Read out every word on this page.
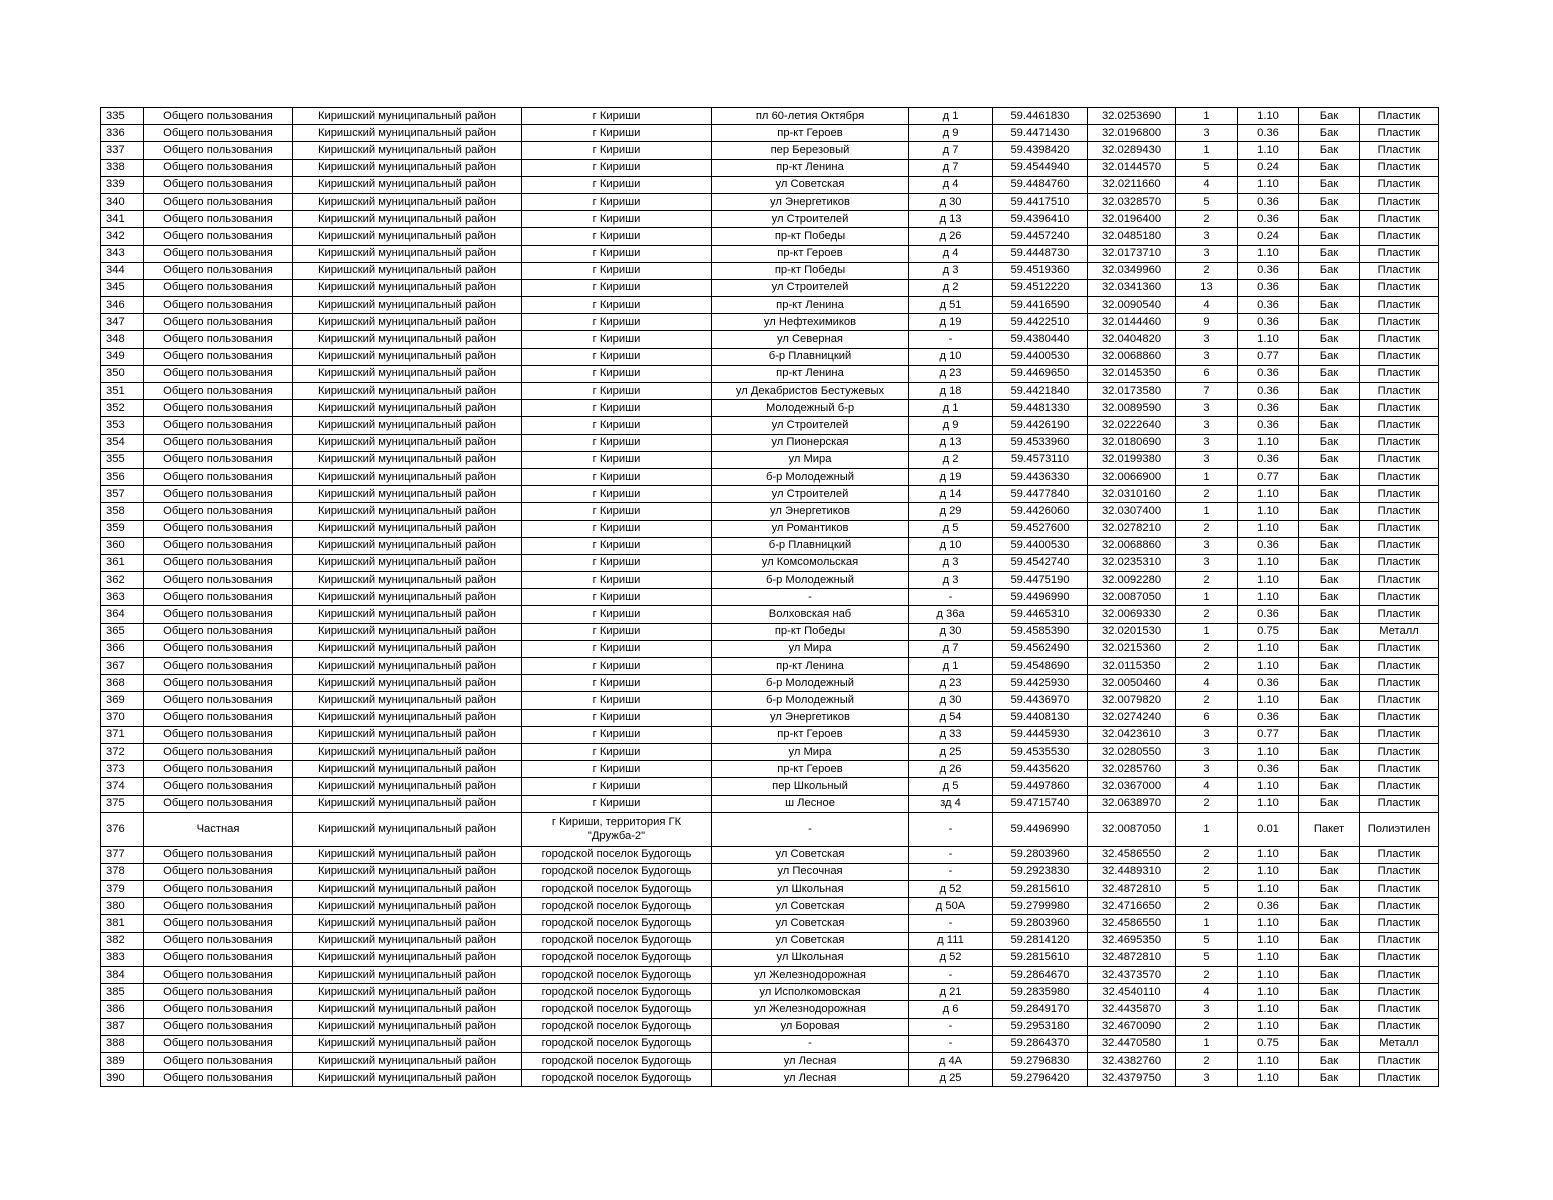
335	Общего пользования	Киришский муниципальный район	г Кириши	пл 60-летия Октября	д 1	59.4461830	32.0253690	1	1.10	Бак	Пластик
336	Общего пользования	Киришский муниципальный район	г Кириши	пр-кт Героев	д 9	59.4471430	32.0196800	3	0.36	Бак	Пластик
337	Общего пользования	Киришский муниципальный район	г Кириши	пер Березовый	д 7	59.4398420	32.0289430	1	1.10	Бак	Пластик
338	Общего пользования	Киришский муниципальный район	г Кириши	пр-кт Ленина	д 7	59.4544940	32.0144570	5	0.24	Бак	Пластик
339	Общего пользования	Киришский муниципальный район	г Кириши	ул Советская	д 4	59.4484760	32.0211660	4	1.10	Бак	Пластик
340	Общего пользования	Киришский муниципальный район	г Кириши	ул Энергетиков	д 30	59.4417510	32.0328570	5	0.36	Бак	Пластик
341	Общего пользования	Киришский муниципальный район	г Кириши	ул Строителей	д 13	59.4396410	32.0196400	2	0.36	Бак	Пластик
342	Общего пользования	Киришский муниципальный район	г Кириши	пр-кт Победы	д 26	59.4457240	32.0485180	3	0.24	Бак	Пластик
343	Общего пользования	Киришский муниципальный район	г Кириши	пр-кт Героев	д 4	59.4448730	32.0173710	3	1.10	Бак	Пластик
344	Общего пользования	Киришский муниципальный район	г Кириши	пр-кт Победы	д 3	59.4519360	32.0349960	2	0.36	Бак	Пластик
345	Общего пользования	Киришский муниципальный район	г Кириши	ул Строителей	д 2	59.4512220	32.0341360	13	0.36	Бак	Пластик
346	Общего пользования	Киришский муниципальный район	г Кириши	пр-кт Ленина	д 51	59.4416590	32.0090540	4	0.36	Бак	Пластик
347	Общего пользования	Киришский муниципальный район	г Кириши	ул Нефтехимиков	д 19	59.4422510	32.0144460	9	0.36	Бак	Пластик
348	Общего пользования	Киришский муниципальный район	г Кириши	ул Северная	-	59.4380440	32.0404820	3	1.10	Бак	Пластик
349	Общего пользования	Киришский муниципальный район	г Кириши	б-р Плавницкий	д 10	59.4400530	32.0068860	3	0.77	Бак	Пластик
350	Общего пользования	Киришский муниципальный район	г Кириши	пр-кт Ленина	д 23	59.4469650	32.0145350	6	0.36	Бак	Пластик
351	Общего пользования	Киришский муниципальный район	г Кириши	ул Декабристов Бестужевых	д 18	59.4421840	32.0173580	7	0.36	Бак	Пластик
352	Общего пользования	Киришский муниципальный район	г Кириши	Молодежный б-р	д 1	59.4481330	32.0089590	3	0.36	Бак	Пластик
353	Общего пользования	Киришский муниципальный район	г Кириши	ул Строителей	д 9	59.4426190	32.0222640	3	0.36	Бак	Пластик
354	Общего пользования	Киришский муниципальный район	г Кириши	ул Пионерская	д 13	59.4533960	32.0180690	3	1.10	Бак	Пластик
355	Общего пользования	Киришский муниципальный район	г Кириши	ул Мира	д 2	59.4573110	32.0199380	3	0.36	Бак	Пластик
356	Общего пользования	Киришский муниципальный район	г Кириши	б-р Молодежный	д 19	59.4436330	32.0066900	1	0.77	Бак	Пластик
357	Общего пользования	Киришский муниципальный район	г Кириши	ул Строителей	д 14	59.4477840	32.0310160	2	1.10	Бак	Пластик
358	Общего пользования	Киришский муниципальный район	г Кириши	ул Энергетиков	д 29	59.4426060	32.0307400	1	1.10	Бак	Пластик
359	Общего пользования	Киришский муниципальный район	г Кириши	ул Романтиков	д 5	59.4527600	32.0278210	2	1.10	Бак	Пластик
360	Общего пользования	Киришский муниципальный район	г Кириши	б-р Плавницкий	д 10	59.4400530	32.0068860	3	0.36	Бак	Пластик
361	Общего пользования	Киришский муниципальный район	г Кириши	ул Комсомольская	д 3	59.4542740	32.0235310	3	1.10	Бак	Пластик
362	Общего пользования	Киришский муниципальный район	г Кириши	б-р Молодежный	д 3	59.4475190	32.0092280	2	1.10	Бак	Пластик
363	Общего пользования	Киришский муниципальный район	г Кириши	-	-	59.4496990	32.0087050	1	1.10	Бак	Пластик
364	Общего пользования	Киришский муниципальный район	г Кириши	Волховская наб	д 36а	59.4465310	32.0069330	2	0.36	Бак	Пластик
365	Общего пользования	Киришский муниципальный район	г Кириши	пр-кт Победы	д 30	59.4585390	32.0201530	1	0.75	Бак	Металл
366	Общего пользования	Киришский муниципальный район	г Кириши	ул Мира	д 7	59.4562490	32.0215360	2	1.10	Бак	Пластик
367	Общего пользования	Киришский муниципальный район	г Кириши	пр-кт Ленина	д 1	59.4548690	32.0115350	2	1.10	Бак	Пластик
368	Общего пользования	Киришский муниципальный район	г Кириши	б-р Молодежный	д 23	59.4425930	32.0050460	4	0.36	Бак	Пластик
369	Общего пользования	Киришский муниципальный район	г Кириши	б-р Молодежный	д 30	59.4436970	32.0079820	2	1.10	Бак	Пластик
370	Общего пользования	Киришский муниципальный район	г Кириши	ул Энергетиков	д 54	59.4408130	32.0274240	6	0.36	Бак	Пластик
371	Общего пользования	Киришский муниципальный район	г Кириши	пр-кт Героев	д 33	59.4445930	32.0423610	3	0.77	Бак	Пластик
372	Общего пользования	Киришский муниципальный район	г Кириши	ул Мира	д 25	59.4535530	32.0280550	3	1.10	Бак	Пластик
373	Общего пользования	Киришский муниципальный район	г Кириши	пр-кт Героев	д 26	59.4435620	32.0285760	3	0.36	Бак	Пластик
374	Общего пользования	Киришский муниципальный район	г Кириши	пер Школьный	д 5	59.4497860	32.0367000	4	1.10	Бак	Пластик
375	Общего пользования	Киришский муниципальный район	г Кириши	ш Лесное	зд 4	59.4715740	32.0638970	2	1.10	Бак	Пластик
376	Частная	Киришский муниципальный район	г Кириши, территория ГК "Дружба-2"	-	-	59.4496990	32.0087050	1	0.01	Пакет	Полиэтилен
377	Общего пользования	Киришский муниципальный район	городской поселок Будогощь	ул Советская	-	59.2803960	32.4586550	2	1.10	Бак	Пластик
378	Общего пользования	Киришский муниципальный район	городской поселок Будогощь	ул Песочная	-	59.2923830	32.4489310	2	1.10	Бак	Пластик
379	Общего пользования	Киришский муниципальный район	городской поселок Будогощь	ул Школьная	д 52	59.2815610	32.4872810	5	1.10	Бак	Пластик
380	Общего пользования	Киришский муниципальный район	городской поселок Будогощь	ул Советская	д 50А	59.2799980	32.4716650	2	0.36	Бак	Пластик
381	Общего пользования	Киришский муниципальный район	городской поселок Будогощь	ул Советская	-	59.2803960	32.4586550	1	1.10	Бак	Пластик
382	Общего пользования	Киришский муниципальный район	городской поселок Будогощь	ул Советская	д 111	59.2814120	32.4695350	5	1.10	Бак	Пластик
383	Общего пользования	Киришский муниципальный район	городской поселок Будогощь	ул Школьная	д 52	59.2815610	32.4872810	5	1.10	Бак	Пластик
384	Общего пользования	Киришский муниципальный район	городской поселок Будогощь	ул Железнодорожная	-	59.2864670	32.4373570	2	1.10	Бак	Пластик
385	Общего пользования	Киришский муниципальный район	городской поселок Будогощь	ул Исполкомовская	д 21	59.2835980	32.4540110	4	1.10	Бак	Пластик
386	Общего пользования	Киришский муниципальный район	городской поселок Будогощь	ул Железнодорожная	д 6	59.2849170	32.4435870	3	1.10	Бак	Пластик
387	Общего пользования	Киришский муниципальный район	городской поселок Будогощь	ул Боровая	-	59.2953180	32.4670090	2	1.10	Бак	Пластик
388	Общего пользования	Киришский муниципальный район	городской поселок Будогощь	-	-	59.2864370	32.4470580	1	0.75	Бак	Металл
389	Общего пользования	Киришский муниципальный район	городской поселок Будогощь	ул Лесная	д 4А	59.2796830	32.4382760	2	1.10	Бак	Пластик
390	Общего пользования	Киришский муниципальный район	городской поселок Будогощь	ул Лесная	д 25	59.2796420	32.4379750	3	1.10	Бак	Пластик
